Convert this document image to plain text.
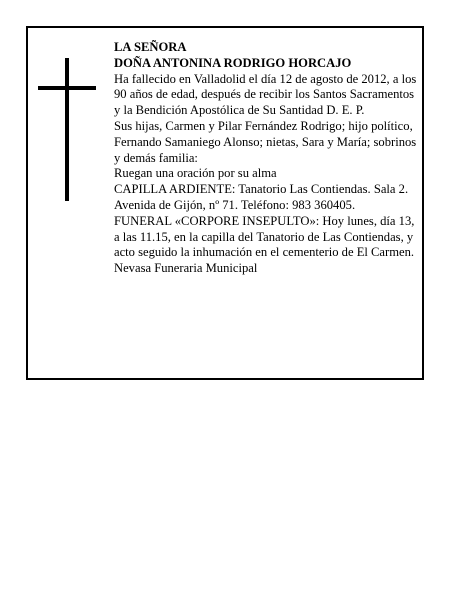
LA SEÑORA

DOÑA ANTONINA RODRIGO HORCAJO

Ha fallecido en Valladolid el día 12 de agosto de 2012, a los 90 años de edad, después de recibir los Santos Sacramentos y la Bendición Apostólica de Su Santidad D. E. P.

Sus hijas, Carmen y Pilar Fernández Rodrigo; hijo político, Fernando Samaniego Alonso; nietas, Sara y María; sobrinos y demás familia:

Ruegan una oración por su alma

CAPILLA ARDIENTE: Tanatorio Las Contiendas. Sala 2. Avenida de Gijón, nº 71. Teléfono: 983 360405.

FUNERAL «CORPORE INSEPULTO»: Hoy lunes, día 13, a las 11.15, en la capilla del Tanatorio de Las Contiendas, y acto seguido la inhumación en el cementerio de El Carmen.

Nevasa Funeraria Municipal
